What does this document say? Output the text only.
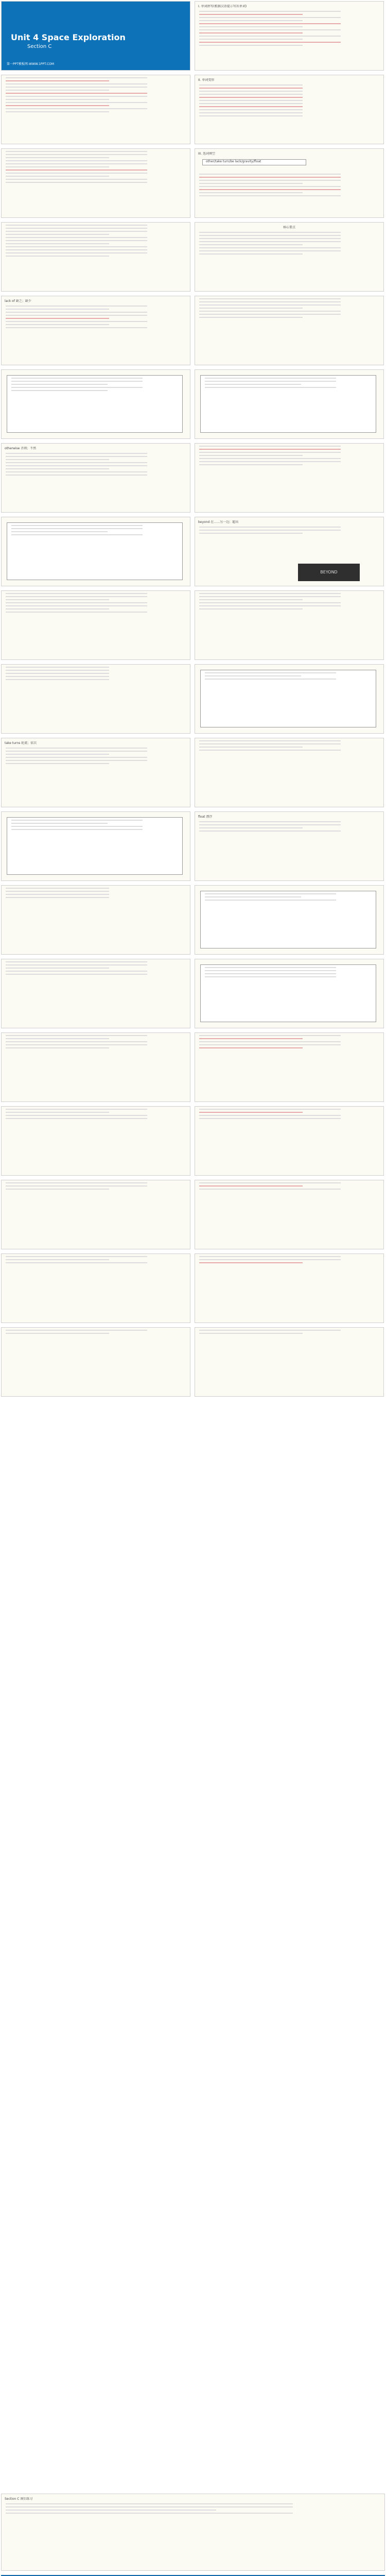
Unit 4 Space Exploration
Section C
第一PPT模板网-WWW.1PPT.COM
I. 单词拼写(根据汉语提示写出单词)
II. 单词变形
III. 选词填空
other/take turn/be lack/gravity/float
核心要点
lack of 缺乏；缺少
otherwise 否则；不然
beyond 在……另一边；超出
BEYOND
take turns 轮流；依次
float 漂浮
Section C 课后练习
